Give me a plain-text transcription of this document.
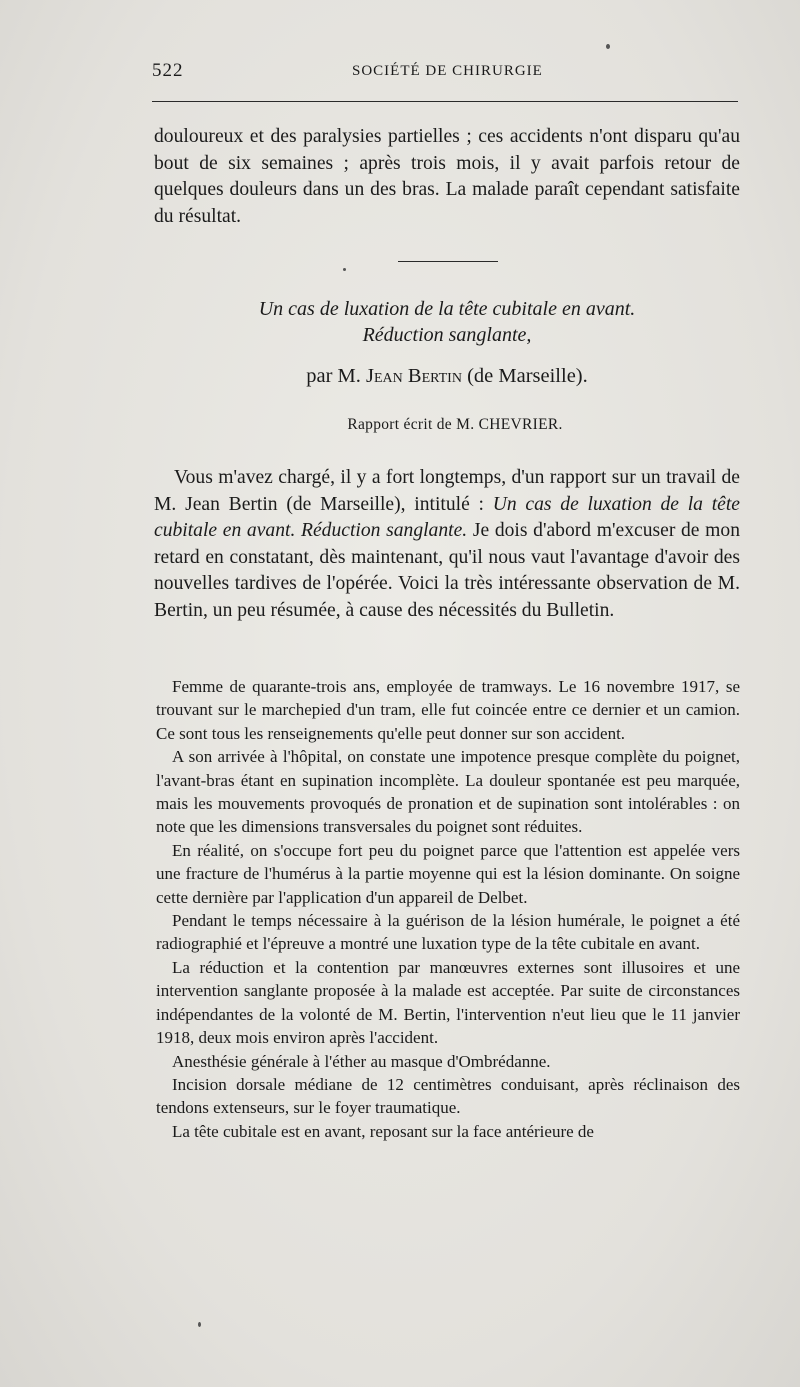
522	SOCIÉTÉ DE CHIRURGIE

douloureux et des paralysies partielles ; ces accidents n'ont disparu qu'au bout de six semaines ; après trois mois, il y avait parfois retour de quelques douleurs dans un des bras. La malade paraît cependant satisfaite du résultat.

Un cas de luxation de la tête cubitale en avant.
Réduction sanglante,
par M. Jean Bertin (de Marseille).
Rapport écrit de M. CHEVRIER.

Vous m'avez chargé, il y a fort longtemps, d'un rapport sur un travail de M. Jean Bertin (de Marseille), intitulé : Un cas de luxation de la tête cubitale en avant. Réduction sanglante. Je dois d'abord m'excuser de mon retard en constatant, dès maintenant, qu'il nous vaut l'avantage d'avoir des nouvelles tardives de l'opérée. Voici la très intéressante observation de M. Bertin, un peu résumée, à cause des nécessités du Bulletin.

Femme de quarante-trois ans, employée de tramways. Le 16 novembre 1917, se trouvant sur le marchepied d'un tram, elle fut coincée entre ce dernier et un camion. Ce sont tous les renseignements qu'elle peut donner sur son accident.

A son arrivée à l'hôpital, on constate une impotence presque complète du poignet, l'avant-bras étant en supination incomplète. La douleur spontanée est peu marquée, mais les mouvements provoqués de pronation et de supination sont intolérables : on note que les dimensions transversales du poignet sont réduites.

En réalité, on s'occupe fort peu du poignet parce que l'attention est appelée vers une fracture de l'humérus à la partie moyenne qui est la lésion dominante. On soigne cette dernière par l'application d'un appareil de Delbet.

Pendant le temps nécessaire à la guérison de la lésion humérale, le poignet a été radiographié et l'épreuve a montré une luxation type de la tête cubitale en avant.

La réduction et la contention par manœuvres externes sont illusoires et une intervention sanglante proposée à la malade est acceptée. Par suite de circonstances indépendantes de la volonté de M. Bertin, l'intervention n'eut lieu que le 11 janvier 1918, deux mois environ après l'accident.

Anesthésie générale à l'éther au masque d'Ombrédanne.

Incision dorsale médiane de 12 centimètres conduisant, après réclinaison des tendons extenseurs, sur le foyer traumatique.

La tête cubitale est en avant, reposant sur la face antérieure de
